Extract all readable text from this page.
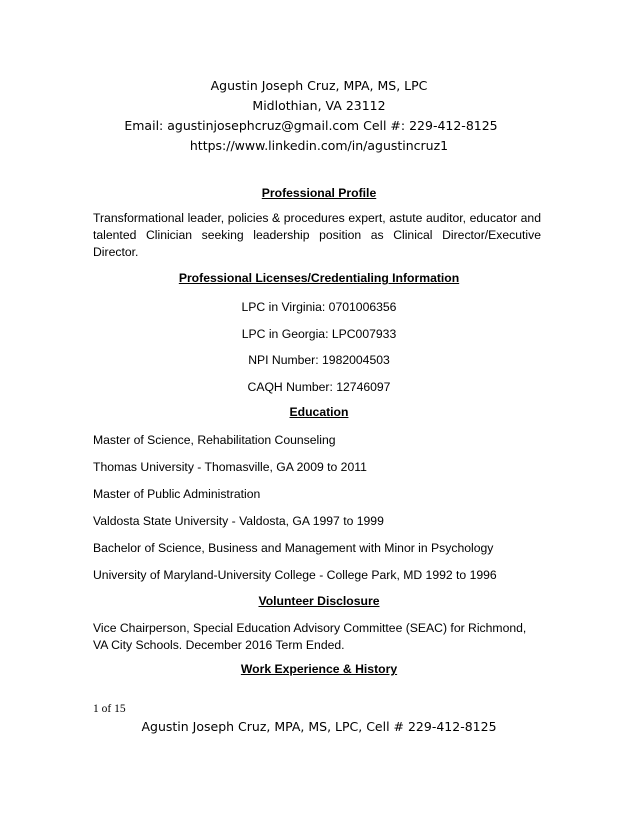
Agustin Joseph Cruz, MPA, MS, LPC
Midlothian, VA 23112
Email: agustinjosephcruz@gmail.com Cell #: 229-412-8125
https://www.linkedin.com/in/agustincruz1
Professional Profile
Transformational leader, policies & procedures expert, astute auditor, educator and talented Clinician seeking leadership position as Clinical Director/Executive Director.
Professional Licenses/Credentialing Information
LPC in Virginia: 0701006356
LPC in Georgia: LPC007933
NPI Number: 1982004503
CAQH Number: 12746097
Education
Master of Science, Rehabilitation Counseling
Thomas University - Thomasville, GA 2009 to 2011
Master of Public Administration
Valdosta State University - Valdosta, GA 1997 to 1999
Bachelor of Science, Business and Management with Minor in Psychology
University of Maryland-University College - College Park, MD 1992 to 1996
Volunteer Disclosure
Vice Chairperson, Special Education Advisory Committee (SEAC) for Richmond, VA City Schools. December 2016 Term Ended.
Work Experience & History
1 of 15
Agustin Joseph Cruz, MPA, MS, LPC, Cell # 229-412-8125
